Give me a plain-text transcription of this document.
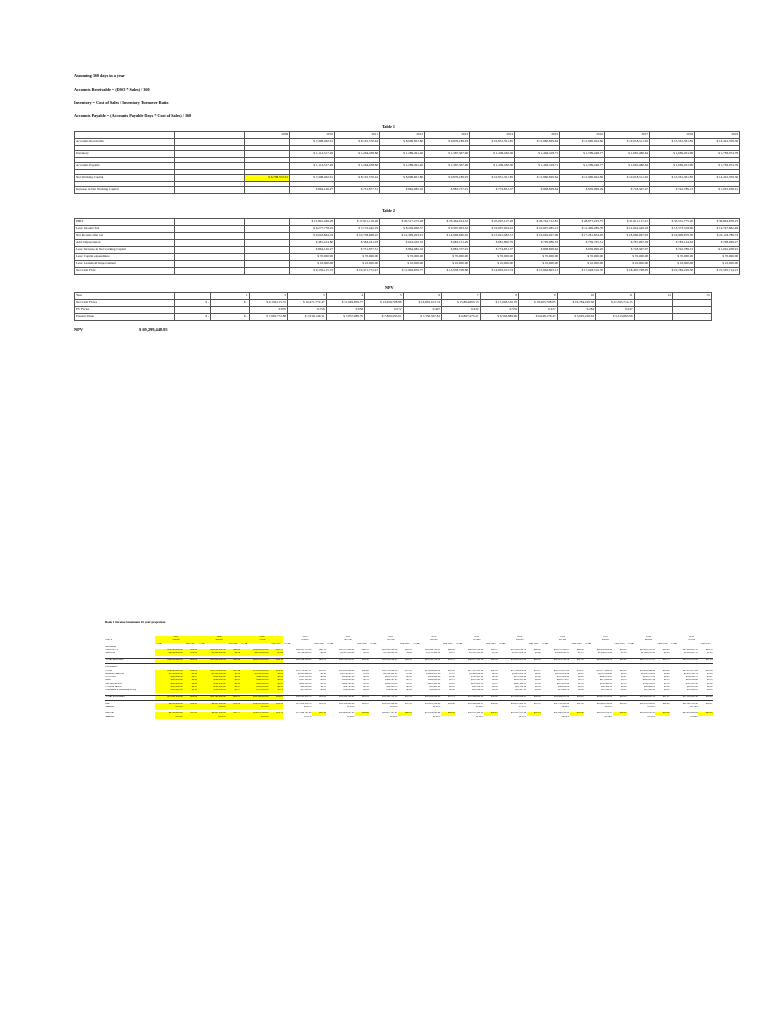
Assuming 360 days in a year
Accounts Receivable = (DSO * Sales) / 360
Inventory = Cost of Sales / Inventory Turnover Ratio
Accounts Payable = (Accounts Payable Days * Cost of Sales) / 360
Table 1
		2009	2010	2011	2012	2013	2014	2015	2016	2017	2018	2019
Accounts Receivable			$ 7,408,402.91	$ 8,191,570.44	$ 8,999,601.80	$ 9,879,189.03	$ 10,851,321.85	$ 11,860,829.64	$ 11,990,024.69	$ 12,618,511.92	$ 15,561,361.85	$ 14,422,359.36

Inventory			$ 1,114,517.26	$ 1,264,438.80	$ 1,289,491.40	$ 1,367,307.96	$ 1,436,430.36	$ 1,494,318.71	$ 1,599,248.77	$ 1,681,480.64	$ 1,682,201.96	$ 1,783,974.78

Accounts Payable			$ 1,114,517.26	$ 1,264,438.80	$ 1,289,491.40	$ 1,367,307.96	$ 1,436,430.36	$ 1,494,318.71	$ 1,599,248.77	$ 1,681,480.64	$ 1,682,201.96	$ 1,783,974.78

Net Working Capital		$ 6,798,372.91	$ 7,408,402.91	$ 8,191,570.44	$ 8,999,601.80	$ 9,879,189.03	$ 10,851,321.85	$ 11,860,829.64	$ 11,990,024.69	$ 12,618,511.92	$ 15,561,361.85	$ 14,422,359.36

Increase in Net Working Capital			$ 864,126.27	$ 751,877.51	$ 864,082.16	$ 883,757.01	$ 774,831.37	$ 808,828.64	$ 659,999.29	$ 718,367.07	$ 742,789.13	$ 1,061,038.91
Table 2
EBIT			$ 15,891,449.28	$ 17,911,110.26	$ 20,517,273.28	$ 23,464,914.33	$ 25,007,127.28	$ 26,742,712.81	$ 28,877,223.75	$ 31,611,117.21	$ 35,531,775.20	$ 36,894,878.23
Less: Income Tax			$ 6,277,778.19	$ 7,172,442.19	$ 8,204,069.37	$ 9,397,003.32	$ 10,007,934.22	$ 10,697,085.13	$ 11,469,289.78	$ 12,644,449.18	$ 13,573,318.90	$ 14,747,862.49
Net Income after tax			$ 9,618,864.19	$ 10,738,668.22	$ 12,309,203.91	$ 14,098,940.02	$ 15,041,483.51	$ 16,049,027.09	$ 17,281,854.02	$ 18,966,067.93	$ 19,999,879.30	$ 22,118,789.74
Add: Depreciation			$ 481,414.80	$ 584,241.03	$ 624,429.53	$ 683,151.29	$ 681,800.79	$ 709,980.53	$ 739,745.51	$ 767,097.39	$ 783,144.63	$ 798,069.27
Less: Increase in Net working Capital			$ 864,126.27	$ 751,877.51	$ 864,082.16	$ 883,757.01	$ 774,831.37	$ 808,828.64	$ 659,999.29	$ 718,367.07	$ 742,789.13	$ 1,061,038.91
Less: Capital expenditure			$ 70,000.00	$ 70,000.00	$ 70,000.00	$ 70,000.00	$ 70,000.00	$ 70,000.00	$ 70,000.00	$ 70,000.00	$ 70,000.00	$ 70,000.00
Less: Leasehold Improvement			$ 10,000.00	$ 10,000.00	$ 10,000.00	$ 10,000.00	$ 10,000.00	$ 10,000.00	$ 10,000.00	$ 10,000.00	$ 10,000.00	$ 10,000.00
Net Cash Flow			$ 9,159,115.72	$ 10,471,772.47	$ 11,949,859.77	$ 13,658,708.86	$ 14,802,013.74	$ 15,864,803.13	$ 17,028,516.70	$ 18,495,798.05	$ 19,784,229.30	$ 21,595,714.15
NPV
Year		1	2	3	4	5	6	7	8	9	10	11	12	13
Net Cash Flows	$ -	$ -	$ 9,159,115.72	$ 10,471,772.47	$ 11,949,859.77	$ 13,658,708.86	$ 14,802,013.74	$ 15,864,803.13	$ 17,028,516.70	$ 18,495,798.05	$ 19,784,229.30	$ 21,595,714.15		
PV Factor			0.870	0.756	0.658	0.572	0.497	0.432	0.376	0.327	0.284	0.247		
Present Value	$ -	$ -	$ 7,965,772.80	$ 7,918,149.31	$ 7,857,089.79	$ 7,809,293.01	$ 7,356,597.81	$ 6,867,473.21	$ 6,394,889.96	$ 6,048,178.47	$ 5,601,228.62	$ 5,313,863.66		
NPV	$ 69,299,448.95
Book 1 Income Statement 10 year projection
	2007		2008		2009		2010		2011		2012		2013		2014		2015		2016		2017		2018		2019	
UNITS	500000		560000		772000		424824		467708		507708		545785		572869		594269		611385		630352		669993		713234	
	TOTAL	PER UNIT	TOTAL	PER UNIT	TOTAL	PER UNIT	TOTAL	PER UNIT	TOTAL	PER UNIT	TOTAL	PER UNIT	TOTAL	PER UNIT	TOTAL	PER UNIT	TOTAL	PER UNIT	TOTAL	PER UNIT	TOTAL	PER UNIT	TOTAL	PER UNIT	TOTAL	PER UNIT
REVENUE																										
PRODUCTS	$25,000,000.00	$50.00	$28,000,000.00	$50.00	$39,600,000.00	$51.27	$34,051,179.90	$80.15	$37,571,488.42	$80.37	$41,435,258.06	$81.61	$43,664,750.11	$80.00	$46,441,229.93	$81.07	$51,395,235.73	$86.48	$54,157,289.07	$88.58	$58,958,868.86	$93.53	$62,610,531.03	$93.45	$67,544,824.78	$94.70
SERVICE	$5,000,000.00	$10.00	$5,300,000.00	$9.46	$6,070,000.00	$7.86	$1,735,060.53	$4.08	$1,947,950.59	$4.16	$1,768,990.26	$3.48	$1,751,966.24	$3.21	$1,706,531.43	$2.98	$1,697,926.33	$2.86	$1,664,455.11	$2.72	$1,848,075.68	$2.93	$1,568,741.54	$2.34	$1,663,007.11	$2.33

TOTAL REVENUE	$30,000,000.00	$60.00	$33,300,000.00	$59.46	$45,670,000.00	$59.16	$35,786,240.43	$84.24	$39,519,439.01	$84.50	$43,204,248.32	$85.10	$45,416,716.35	$83.21	$48,147,761.36	$84.05	$53,093,162.06	$89.34	$55,821,744.18	$91.30	$60,806,944.54	$96.46	$64,179,272.57	$95.79	$69,207,831.89	$97.03

EXPENSES																										
COGS	$18,000,000.00	$36.00	$21,210,000.00	$37.88	$22,000,000.00	$28.50	$13,773,857.17	$32.42	$14,431,800.80	$30.86	$14,170,694.24	$27.91	$15,444,889.26	$28.30	$17,337,262.96	$30.26	$17,358,426.39	$29.21	$18,479,021.83	$30.22	$19,277,689.32	$30.58	$19,490,438.88	$29.09	$21,422,071.68	$30.04
ADMINISTRATION	$2,250,000.00	$4.50	$2,200,000.00	$3.93	$2,650,000.00	$3.43	$3,441,888.34	$8.10	$3,570,006.72	$7.63	$3,789,938.31	$7.46	$3,885,873.40	$7.12	$3,966,838.83	$6.92	$3,924,829.24	$6.60	$4,165,823.88	$6.81	$4,114,908.80	$6.53	$3,902,413.05	$5.83	$4,020,534.73	$5.64
UTILITIES	$336,000.00	$0.67	$356,000.00	$0.64	$386,000.00	$0.50	$191,250.00	$0.45	$208,067.46	$0.44	$202,078.18	$0.40	$204,860.03	$0.38	$216,562.34	$0.38	$225,224.90	$0.38	$247,009.33	$0.40	$266,074.61	$0.42	$283,677.09	$0.42	$294,566.72	$0.41
RENT	$300,000.00	$0.60	$348,000.00	$0.62	$348,000.00	$0.45	$347,503.06	$0.82	$354,063.60	$0.76	$366,267.62	$0.72	$385,069.90	$0.71	$391,541.14	$0.68	$410,241.98	$0.69	$443,275.07	$0.73	$471,858.94	$0.75	$500,087.58	$0.75	$554,359.86	$0.78
DEPRECIATION	$300,000.00	$0.60	$294,000.00	$0.53	$350,000.00	$0.45	$465,415.16	$1.10	$560,163.02	$1.20	$584,219.33	$1.15	$601,333.68	$1.10	$612,409.13	$1.07	$640,184.51	$1.08	$672,891.49	$1.10	$709,980.53	$1.13	$739,745.51	$1.10	$767,097.39	$1.08
CONSULTANTS	$205,000.00	$0.41	$205,000.00	$0.37	$240,000.00	$0.31	$45,600.00	$0.11	$46,793.40	$0.10	$48,549.70	$0.10	$52,469.95	$0.10	$54,156.79	$0.09	$55,744.30	$0.09	$58,809.04	$0.10	$58,344.53	$0.09	$60,886.09	$0.09	$63,491.00	$0.09
INSURANCE (estimated at 9%)	$150,000.00	$0.30	$150,000.00	$0.27	$175,000.00	$0.23	$17,400.00	$0.04	$18,849.60	$0.04	$18,962.86	$0.04	$19,460.13	$0.04	$20,094.80	$0.04	$20,947.59	$0.04	$21,580.70	$0.04	$22,298.12	$0.04	$22,584.56	$0.03	$23,399.01	$0.03

TOTAL EXPENSES	$21,541,000.00	$43.08	$24,763,000.00	$44.22	$26,149,000.00	$33.87	$18,282,913.73	$43.04	$19,189,744.61	$41.03	$19,180,710.24	$37.78	$20,593,956.35	$37.73	$22,598,865.99	$39.45	$22,635,598.91	$38.09	$24,088,411.34	$39.40	$24,921,155.85	$39.53	$25,000,832.76	$37.31	$27,145,520.39	$38.06

EBIT	$8,459,000.00	$16.92	$8,537,000.00	$15.24	$19,521,000.00	$25.29	$17,503,326.70	$41.20	$20,329,694.40	$43.47	$24,023,538.08	$47.32	$24,822,760.00	$45.48	$25,548,895.37	$44.60	$30,457,563.15	$51.25	$31,733,332.84	$51.90	$35,885,788.69	$56.93	$39,178,439.81	$58.48	$42,062,311.50	$58.97
MARGIN	28.20%		25.64%		42.74%		48.91%		51.44%		55.60%		54.65%		53.06%		57.37%		56.85%		59.02%		61.05%		60.78%	

EBITDA	$8,759,000.00	$17.52	$8,831,000.00	$15.77	$19,871,000.00	$25.74	$17,968,741.86	$42.30	$20,889,857.42	$44.66	$24,607,757.41	$48.47	$25,424,093.68	$46.58	$26,161,304.50	$45.67	$31,097,747.66	$52.33	$32,406,224.33	$53.00	$36,595,769.22	$58.05	$39,918,185.32	$59.58	$42,829,408.89	$60.05
MARGIN	29.20%		26.52%		43.51%		50.21%		52.86%		56.96%		55.98%		54.34%		58.57%		58.05%		60.18%		62.20%		61.88%	
